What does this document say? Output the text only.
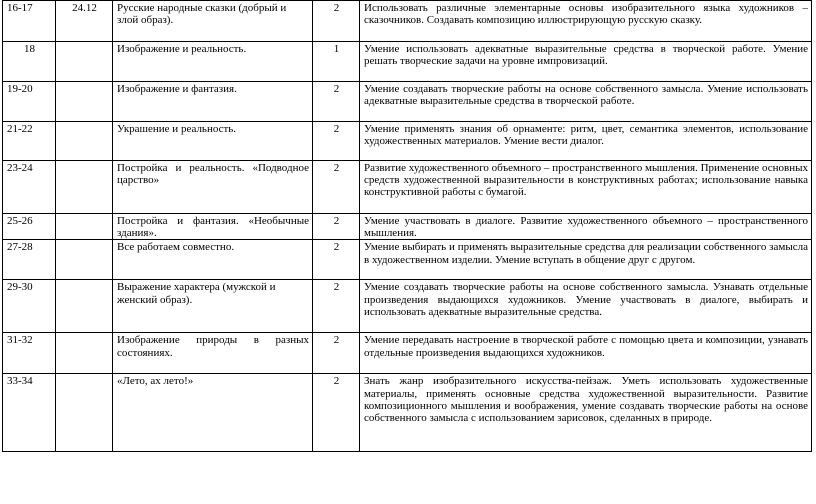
16-17	24.12	Русские народные сказки (добрый и злой образ).	2	Использовать различные элементарные основы изобразительного языка художников – сказочников. Создавать композицию иллюстрирующую русскую сказку.
18		Изображение и реальность.	1	Умение использовать адекватные выразительные средства в творческой работе. Умение решать творческие задачи на уровне импровизаций.
19-20		Изображение и фантазия.	2	Умение создавать творческие работы на основе собственного замысла. Умение использовать адекватные выразительные средства в творческой работе.
21-22		Украшение и реальность.	2	Умение применять знания об орнаменте: ритм, цвет, семантика элементов, использование художественных материалов. Умение вести диалог.
23-24		Постройка и реальность. «Подводное царство»	2	Развитие художественного объемного – пространственного мышления. Применение основных средств художественной выразительности в конструктивных работах; использование навыка конструктивной работы с бумагой.
25-26		Постройка и фантазия. «Необычные здания».	2	Умение участвовать в диалоге. Развитие художественного объемного – пространственного мышления.
27-28		Все работаем совместно.	2	Умение выбирать и применять выразительные средства для реализации собственного замысла в художественном изделии. Умение вступать в общение друг с другом.
29-30		Выражение характера (мужской и женский образ).	2	Умение создавать творческие работы на основе собственного замысла. Узнавать отдельные произведения выдающихся художников. Умение участвовать в диалоге, выбирать и использовать адекватные выразительные средства.
31-32		Изображение природы в разных состояниях.	2	Умение передавать настроение в творческой работе с помощью цвета и композиции, узнавать отдельные произведения выдающихся художников.
33-34		«Лето, ах лето!»	2	Знать жанр изобразительного искусства-пейзаж. Уметь использовать художественные материалы, применять основные средства художественной выразительности. Развитие композиционного мышления и воображения, умение создавать творческие работы на основе собственного замысла с использованием зарисовок, сделанных в природе.
